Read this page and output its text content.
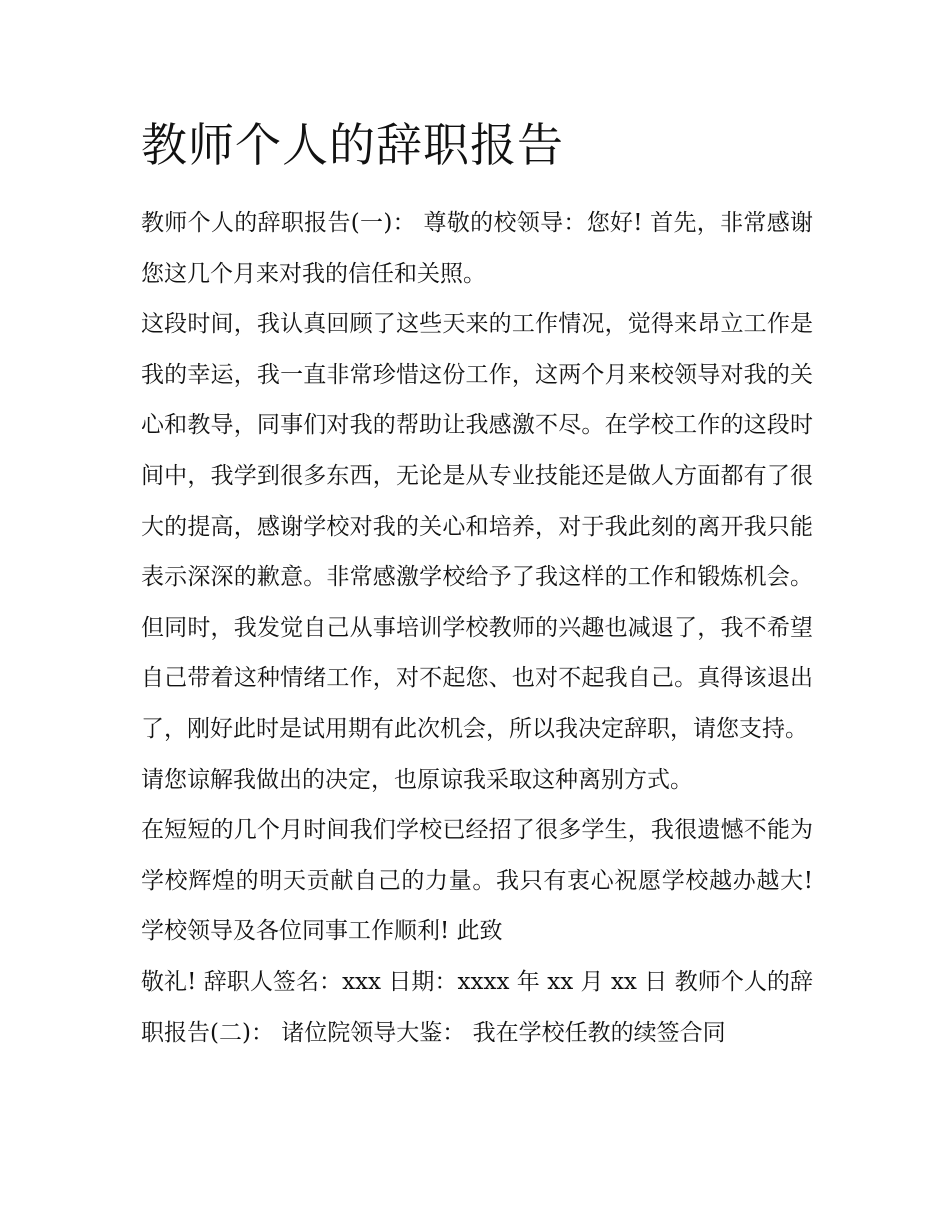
教师个人的辞职报告

教师个人的辞职报告(一)： 尊敬的校领导：您好! 首先，非常感谢您这几个月来对我的信任和关照。

这段时间，我认真回顾了这些天来的工作情况，觉得来昂立工作是我的幸运，我一直非常珍惜这份工作，这两个月来校领导对我的关心和教导，同事们对我的帮助让我感激不尽。在学校工作的这段时间中，我学到很多东西，无论是从专业技能还是做人方面都有了很大的提高，感谢学校对我的关心和培养，对于我此刻的离开我只能表示深深的歉意。非常感激学校给予了我这样的工作和锻炼机会。但同时，我发觉自己从事培训学校教师的兴趣也减退了，我不希望自己带着这种情绪工作，对不起您、也对不起我自己。真得该退出了，刚好此时是试用期有此次机会，所以我决定辞职，请您支持。

请您谅解我做出的决定，也原谅我采取这种离别方式。

在短短的几个月时间我们学校已经招了很多学生，我很遗憾不能为学校辉煌的明天贡献自己的力量。我只有衷心祝愿学校越办越大!学校领导及各位同事工作顺利! 此致

敬礼! 辞职人签名：xxx 日期：xxxx 年 xx 月 xx 日 教师个人的辞职报告(二)： 诸位院领导大鉴： 我在学校任教的续签合同
